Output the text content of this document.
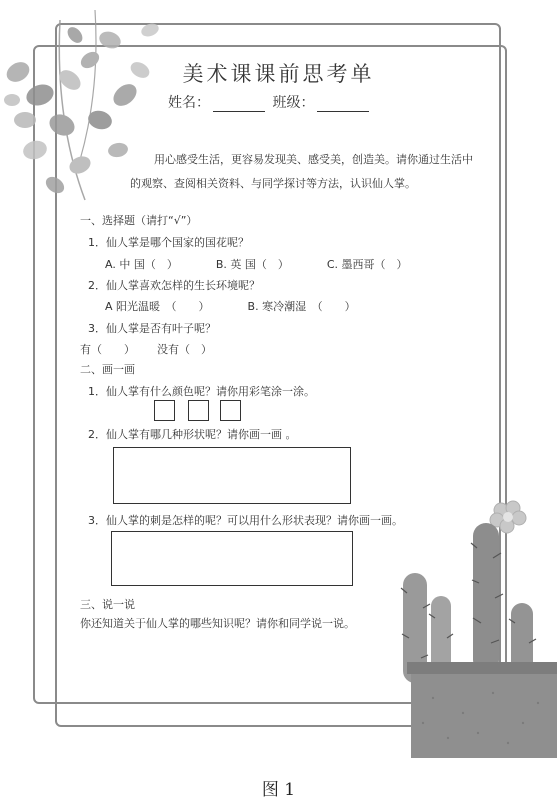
美术课课前思考单
姓名：	班级：
用心感受生活，更容易发现美、感受美，创造美。请你通过生活中
的观察、查阅相关资料、与同学探讨等方法，认识仙人掌。
一、选择题（请打“√”）
1．仙人掌是哪个国家的国花呢？
A. 中 国（　）	B. 英 国（　）	C. 墨西哥（　）
2．仙人掌喜欢怎样的生长环境呢？
A 阳光温暖　（　　）	B. 寒冷潮湿　（　　）
3．仙人掌是否有叶子呢？
有（　　） 没有（　）
二、画一画
1．仙人掌有什么颜色呢？请你用彩笔涂一涂。
2．仙人掌有哪几种形状呢？请你画一画 。
3．仙人掌的刺是怎样的呢？可以用什么形状表现？请你画一画。
三、说一说
你还知道关于仙人掌的哪些知识呢？请你和同学说一说。
图 1
